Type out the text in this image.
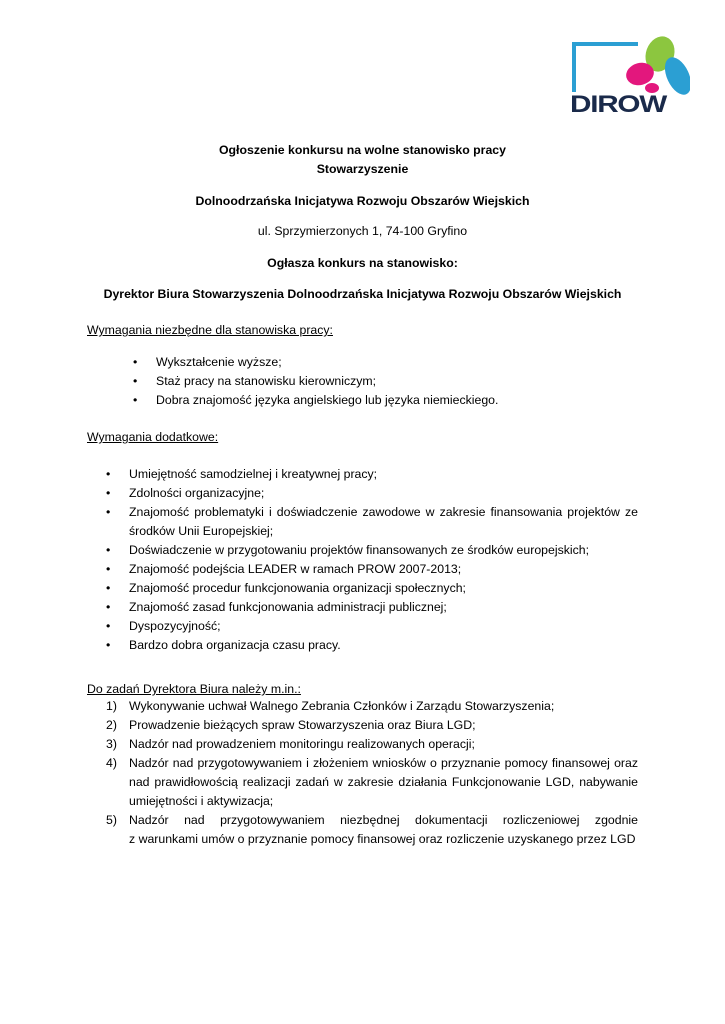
DIROW
Ogłoszenie konkursu na wolne stanowisko pracy
Stowarzyszenie
Dolnoodrzańska Inicjatywa Rozwoju Obszarów Wiejskich
ul. Sprzymierzonych 1, 74-100 Gryfino
Ogłasza konkurs na stanowisko:
Dyrektor Biura Stowarzyszenia Dolnoodrzańska Inicjatywa Rozwoju Obszarów Wiejskich
Wymagania niezbędne dla stanowiska pracy:
• Wykształcenie wyższe;
• Staż pracy na stanowisku kierowniczym;
• Dobra znajomość języka angielskiego lub języka niemieckiego.
Wymagania dodatkowe:
• Umiejętność samodzielnej i kreatywnej pracy;
• Zdolności organizacyjne;
• Znajomość problematyki i doświadczenie zawodowe w zakresie finansowania projektów ze
środków Unii Europejskiej;
• Doświadczenie w przygotowaniu projektów finansowanych ze środków europejskich;
• Znajomość podejścia LEADER w ramach PROW 2007-2013;
• Znajomość procedur funkcjonowania organizacji społecznych;
• Znajomość zasad funkcjonowania administracji publicznej;
• Dyspozycyjność;
• Bardzo dobra organizacja czasu pracy.
Do zadań Dyrektora Biura należy m.in.:
1) Wykonywanie uchwał Walnego Zebrania Członków i Zarządu Stowarzyszenia;
2) Prowadzenie bieżących spraw Stowarzyszenia oraz Biura LGD;
3) Nadzór nad prowadzeniem monitoringu realizowanych operacji;
4) Nadzór nad przygotowywaniem i złożeniem wniosków o przyznanie pomocy finansowej oraz
nad prawidłowością realizacji zadań w zakresie działania Funkcjonowanie LGD, nabywanie
umiejętności i aktywizacja;
5) Nadzór nad przygotowywaniem niezbędnej dokumentacji rozliczeniowej zgodnie
z warunkami umów o przyznanie pomocy finansowej oraz rozliczenie uzyskanego przez LGD
